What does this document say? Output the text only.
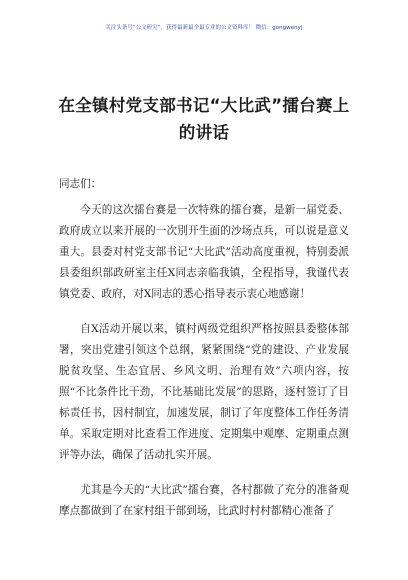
关注头条号“公文研究”，获得最新最全最专业的公文资料库！ 微信：gongwenyj
在全镇村党支部书记“大比武”擂台赛上的讲话
同志们：

今天的这次擂台赛是一次特殊的擂台赛，是新一届党委、政府成立以来开展的一次別开生面的沙场点兵，可以说是意义重大。县委对村党支部书记“大比武”活动高度重视，特别委派县委组织部政研室主任X同志亲临我镇，全程指导，我谨代表镇党委、政府，对X同志的悉心指导表示衷心地感谢！

自X活动开展以来，镇村两级党组织严格按照县委整体部署，突出党建引领这个总纲，紧紧围绕“党的建设、产业发展脱贫攻坚、生态宜居、乡风文明、治理有效”六项内容，按照“不比条件比干劲，不比基础比发展”的思路，逐村签订了目标责任书，因村制宜，加速发展，制订了年度整体工作任务清单。采取定期对比查看工作进度、定期集中观摩、定期重点测评等办法，确保了活动扎实开展。

尤其是今天的“大比武”擂台赛，各村都做了充分的准备观摩点都做到了在家村组干部到场，比武时村村都精心准备了
